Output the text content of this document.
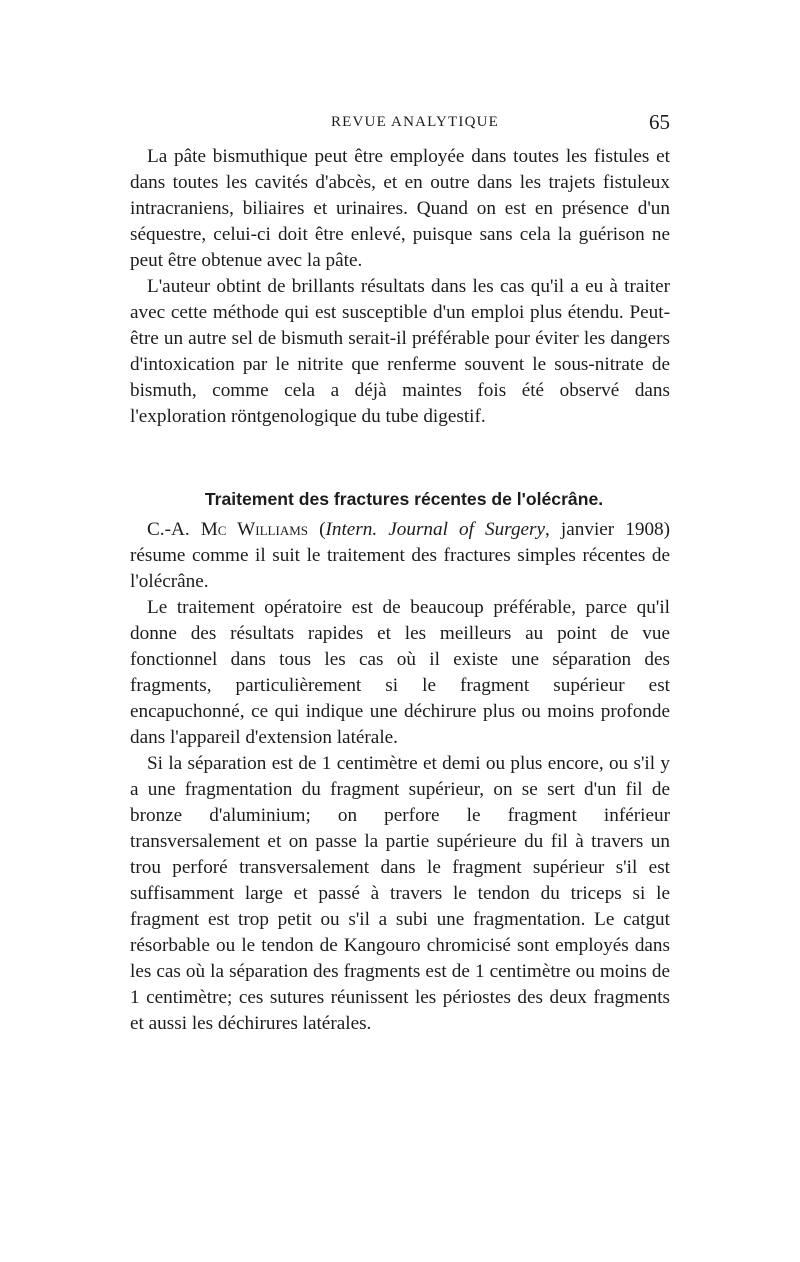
REVUE ANALYTIQUE	65

La pâte bismuthique peut être employée dans toutes les fistules et dans toutes les cavités d'abcès, et en outre dans les trajets fistuleux intracraniens, biliaires et urinaires. Quand on est en présence d'un séquestre, celui-ci doit être enlevé, puisque sans cela la guérison ne peut être obtenue avec la pâte.

L'auteur obtint de brillants résultats dans les cas qu'il a eu à traiter avec cette méthode qui est susceptible d'un emploi plus étendu. Peut-être un autre sel de bismuth serait-il préférable pour éviter les dangers d'intoxication par le nitrite que renferme souvent le sous-nitrate de bismuth, comme cela a déjà maintes fois été observé dans l'exploration röntgenologique du tube digestif.

Traitement des fractures récentes de l'olécrâne.

C.-A. Mc Williams (Intern. Journal of Surgery, janvier 1908) résume comme il suit le traitement des fractures simples récentes de l'olécrâne.

Le traitement opératoire est de beaucoup préférable, parce qu'il donne des résultats rapides et les meilleurs au point de vue fonctionnel dans tous les cas où il existe une séparation des fragments, particulièrement si le fragment supérieur est encapuchonné, ce qui indique une déchirure plus ou moins profonde dans l'appareil d'extension latérale.

Si la séparation est de 1 centimètre et demi ou plus encore, ou s'il y a une fragmentation du fragment supérieur, on se sert d'un fil de bronze d'aluminium; on perfore le fragment inférieur transversalement et on passe la partie supérieure du fil à travers un trou perforé transversalement dans le fragment supérieur s'il est suffisamment large et passé à travers le tendon du triceps si le fragment est trop petit ou s'il a subi une fragmentation. Le catgut résorbable ou le tendon de Kangouro chromicisé sont employés dans les cas où la séparation des fragments est de 1 centimètre ou moins de 1 centimètre; ces sutures réunissent les périostes des deux fragments et aussi les déchirures latérales.
